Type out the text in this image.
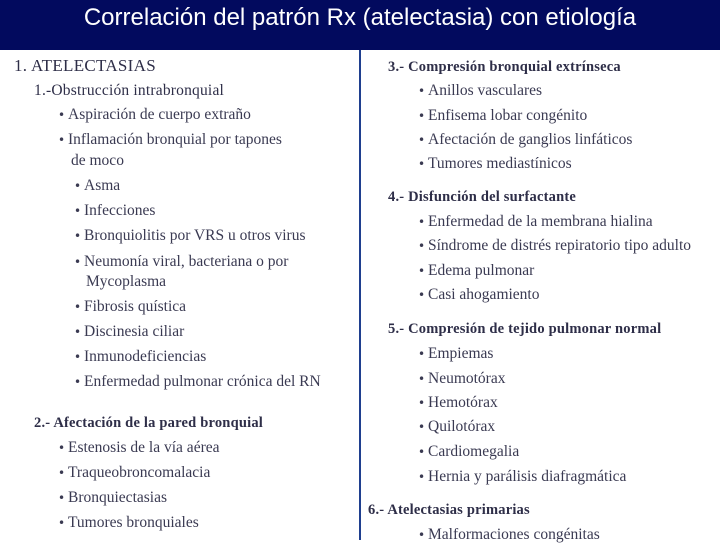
Correlación del patrón Rx (atelectasia) con etiología
1. ATELECTASIAS
1.-Obstrucción intrabronquial
• Aspiración de cuerpo extraño
• Inflamación bronquial por tapones
de moco
• Asma
• Infecciones
• Bronquiolitis por VRS u otros virus
• Neumonía viral, bacteriana o por
Mycoplasma
• Fibrosis quística
• Discinesia ciliar
• Inmunodeficiencias
• Enfermedad pulmonar crónica del RN
2.- Afectación de la pared bronquial
• Estenosis de la vía aérea
• Traqueobroncomalacia
• Bronquiectasias
• Tumores bronquiales
3.- Compresión bronquial extrínseca
• Anillos vasculares
• Enfisema lobar congénito
• Afectación de ganglios linfáticos
• Tumores mediastínicos
4.- Disfunción del surfactante
• Enfermedad de la membrana hialina
• Síndrome de distrés repiratorio tipo adulto
• Edema pulmonar
• Casi ahogamiento
5.- Compresión de tejido pulmonar normal
• Empiemas
• Neumotórax
• Hemotórax
• Quilotórax
• Cardiomegalia
• Hernia y parálisis diafragmática
6.- Atelectasias primarias
• Malformaciones congénitas
